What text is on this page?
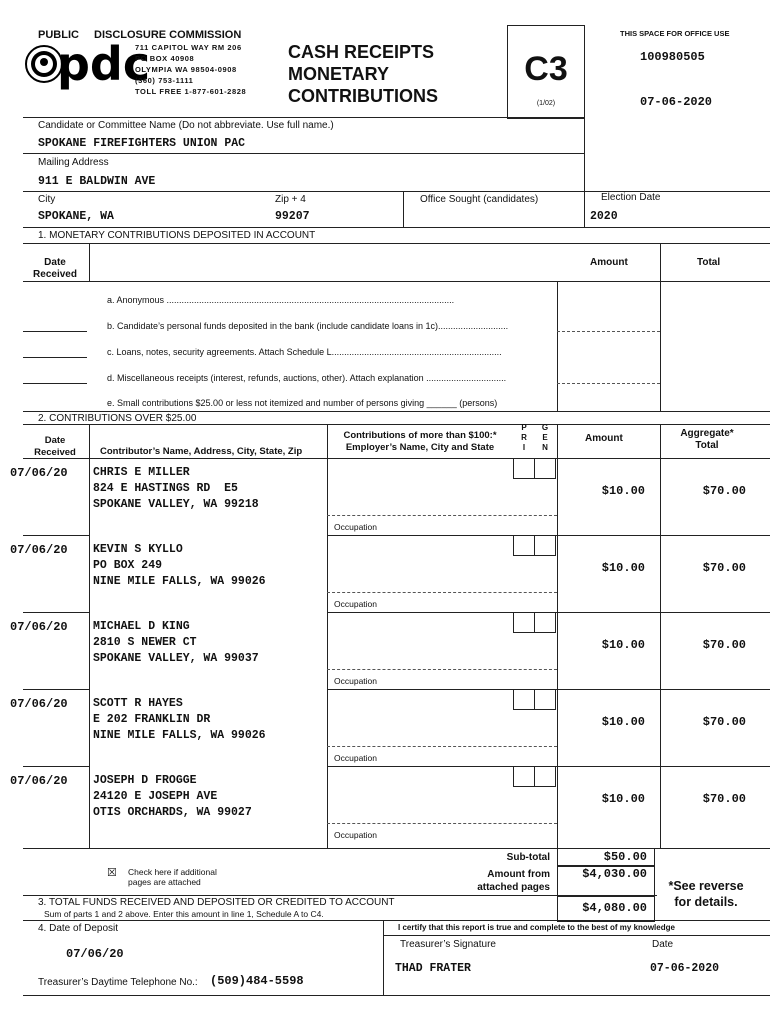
PUBLIC DISCLOSURE COMMISSION
pdc
711 CAPITOL WAY RM 206
PO BOX 40908
OLYMPIA WA 98504-0908
(360) 753-1111
TOLL FREE 1-877-601-2828
CASH RECEIPTS
MONETARY
CONTRIBUTIONS
C3
(1/02)
THIS SPACE FOR OFFICE USE
100980505
07-06-2020
Candidate or Committee Name (Do not abbreviate. Use full name.)
SPOKANE FIREFIGHTERS UNION PAC
Mailing Address
911 E BALDWIN AVE
City
SPOKANE, WA
Zip + 4
99207
Office Sought (candidates)	Election Date
2020
1. MONETARY CONTRIBUTIONS DEPOSITED IN ACCOUNT
Date Received
Amount	Total
a. Anonymous ...................................................................................................................
b. Candidate’s personal funds deposited in the bank (include candidate loans in 1c)............................
c. Loans, notes, security agreements. Attach Schedule L....................................................................
d. Miscellaneous receipts (interest, refunds, auctions, other). Attach explanation ................................
e. Small contributions $25.00 or less not itemized and number of persons giving ______ (persons)
2. CONTRIBUTIONS OVER $25.00
Date Received	Contributor’s Name, Address, City, State, Zip
Contributions of more than $100:* Employer’s Name, City and State
P R I
G E N
Amount	Aggregate* Total
07/06/20 CHRIS E MILLER
824 E HASTINGS RD  E5
SPOKANE VALLEY, WA 99218
$10.00	$70.00
Occupation
07/06/20 KEVIN S KYLLO
PO BOX 249
NINE MILE FALLS, WA 99026
$10.00	$70.00
Occupation
07/06/20 MICHAEL D KING
2810 S NEWER CT
SPOKANE VALLEY, WA 99037
$10.00	$70.00
Occupation
07/06/20 SCOTT R HAYES
E 202 FRANKLIN DR
NINE MILE FALLS, WA 99026
$10.00	$70.00
Occupation
07/06/20 JOSEPH D FROGGE
24120 E JOSEPH AVE
OTIS ORCHARDS, WA 99027
$10.00	$70.00
Occupation
☒ Check here if additional
pages are attached
Sub-total	$50.00
Amount from
attached pages
$4,030.00
*See reverse
for details.
3. TOTAL FUNDS RECEIVED AND DEPOSITED OR CREDITED TO ACCOUNT
Sum of parts 1 and 2 above. Enter this amount in line 1, Schedule A to C4.	$4,080.00
4. Date of Deposit
07/06/20
I certify that this report is true and complete to the best of my knowledge
Treasurer’s Signature	Date
THAD FRATER	07-06-2020
Treasurer’s Daytime Telephone No.: (509)484-5598
